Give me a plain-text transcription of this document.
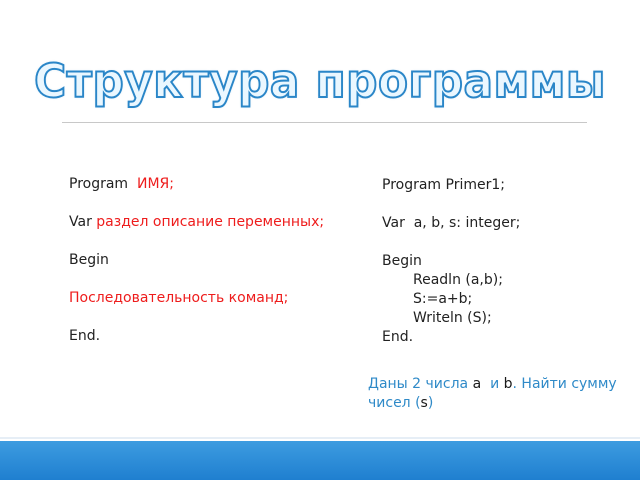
Структура программы
Program ИМЯ;
Var раздел описание переменных;
Begin
Последовательность команд;
End.
Program Primer1;
Var  a, b, s: integer;
Begin
Readln (a,b);
S:=a+b;
Writeln (S);
End.
Даны 2 числа a  и b. Найти сумму чисел (s)
